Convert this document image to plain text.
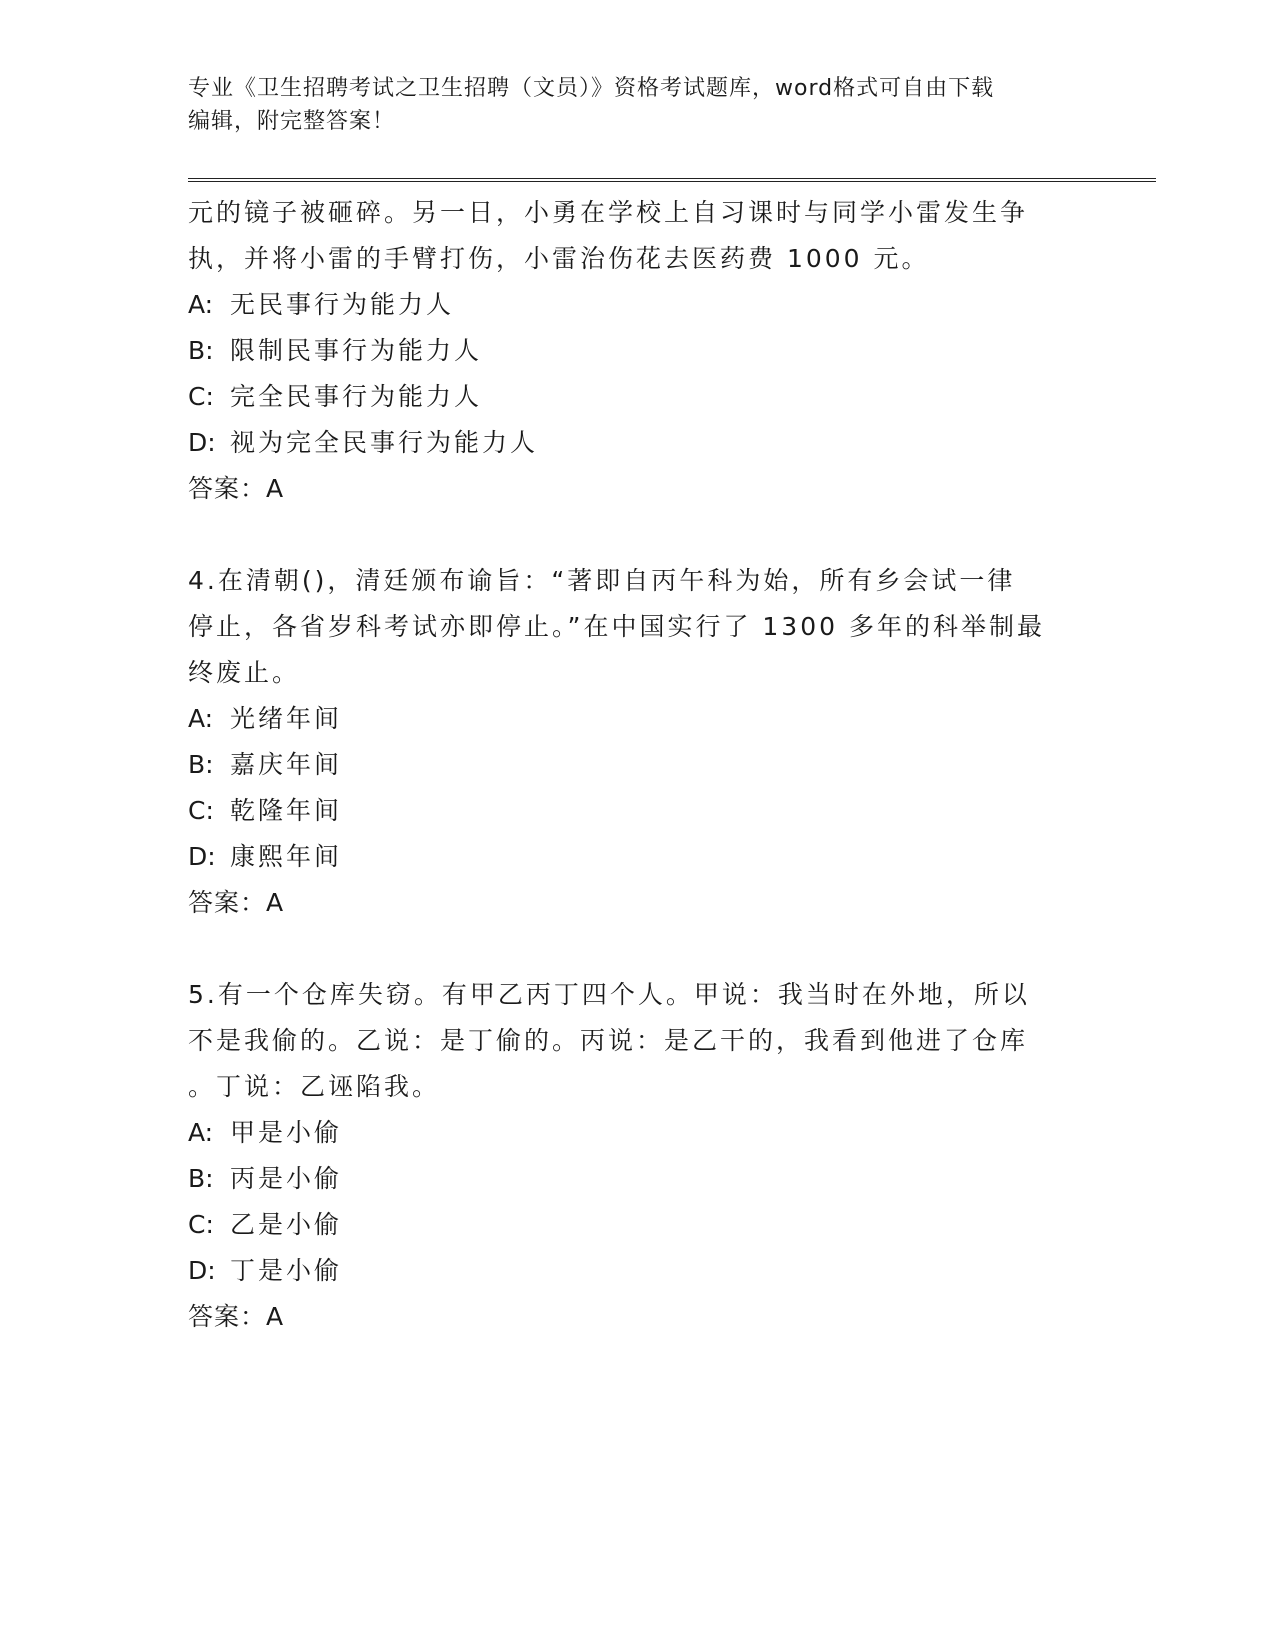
专业《卫生招聘考试之卫生招聘（文员）》资格考试题库，word格式可自由下载
编辑，附完整答案！

元的镜子被砸碎。另一日，小勇在学校上自习课时与同学小雷发生争

执，并将小雷的手臂打伤，小雷治伤花去医药费 1000 元。

A: 无民事行为能力人

B: 限制民事行为能力人

C: 完全民事行为能力人

D: 视为完全民事行为能力人

答案：A

4.在清朝()，清廷颁布谕旨：“著即自丙午科为始，所有乡会试一律

停止，各省岁科考试亦即停止。”在中国实行了 1300 多年的科举制最

终废止。

A: 光绪年间

B: 嘉庆年间

C: 乾隆年间

D: 康熙年间

答案：A

5.有一个仓库失窃。有甲乙丙丁四个人。甲说：我当时在外地，所以

不是我偷的。乙说：是丁偷的。丙说：是乙干的，我看到他进了仓库

。丁说：乙诬陷我。

A: 甲是小偷

B: 丙是小偷

C: 乙是小偷

D: 丁是小偷

答案：A
